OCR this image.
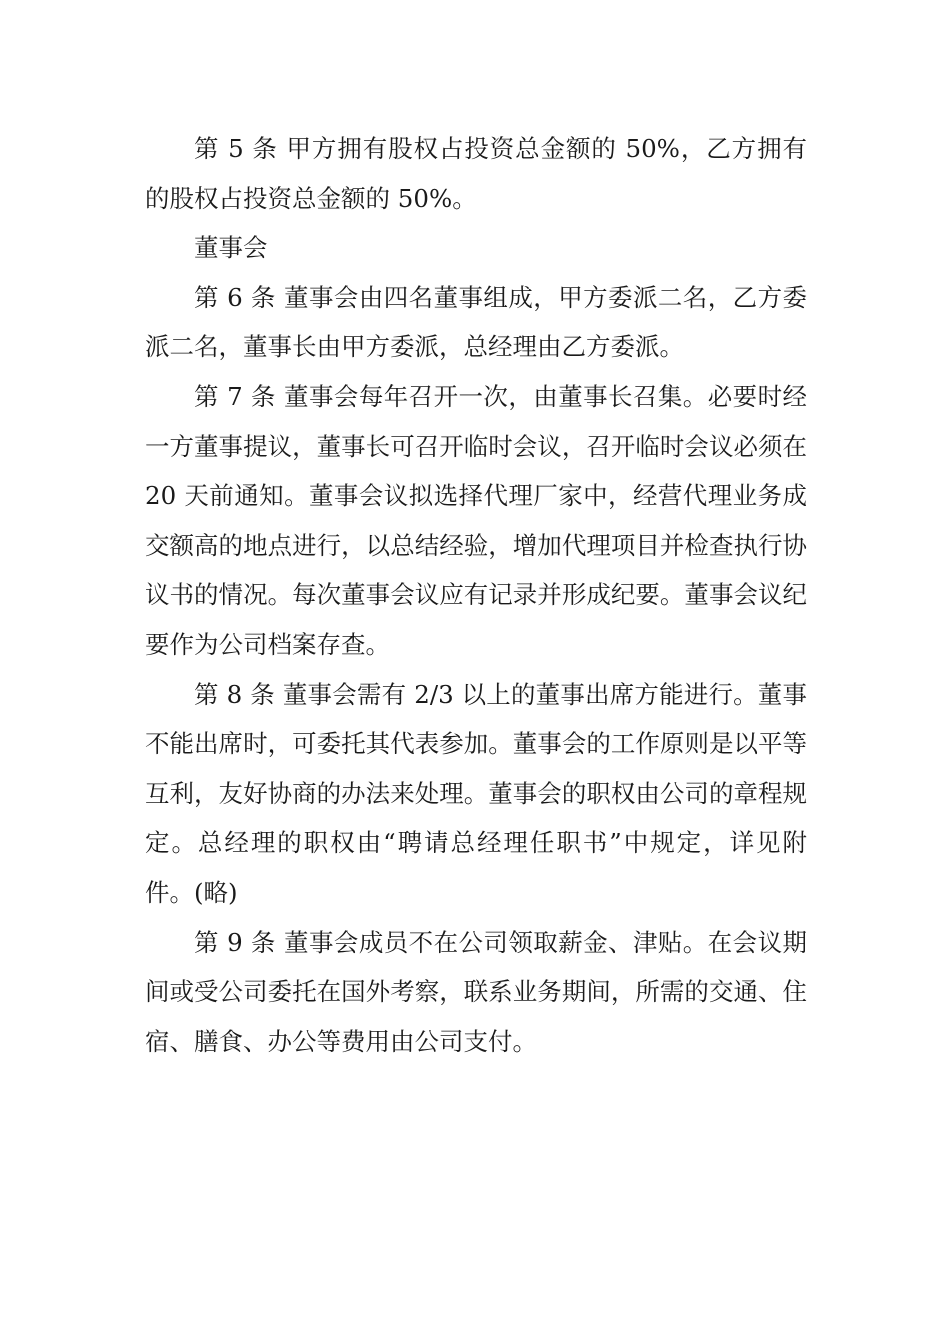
第 5 条 甲方拥有股权占投资总金额的 50%，乙方拥有的股权占投资总金额的 50%。

董事会

第 6 条 董事会由四名董事组成，甲方委派二名，乙方委派二名，董事长由甲方委派，总经理由乙方委派。

第 7 条 董事会每年召开一次，由董事长召集。必要时经一方董事提议，董事长可召开临时会议，召开临时会议必须在 20 天前通知。董事会议拟选择代理厂家中，经营代理业务成交额高的地点进行，以总结经验，增加代理项目并检查执行协议书的情况。每次董事会议应有记录并形成纪要。董事会议纪要作为公司档案存查。

第 8 条 董事会需有 2/3 以上的董事出席方能进行。董事不能出席时，可委托其代表参加。董事会的工作原则是以平等互利，友好协商的办法来处理。董事会的职权由公司的章程规定。总经理的职权由“聘请总经理任职书”中规定，详见附件。(略)

第 9 条 董事会成员不在公司领取薪金、津贴。在会议期间或受公司委托在国外考察，联系业务期间，所需的交通、住宿、膳食、办公等费用由公司支付。
